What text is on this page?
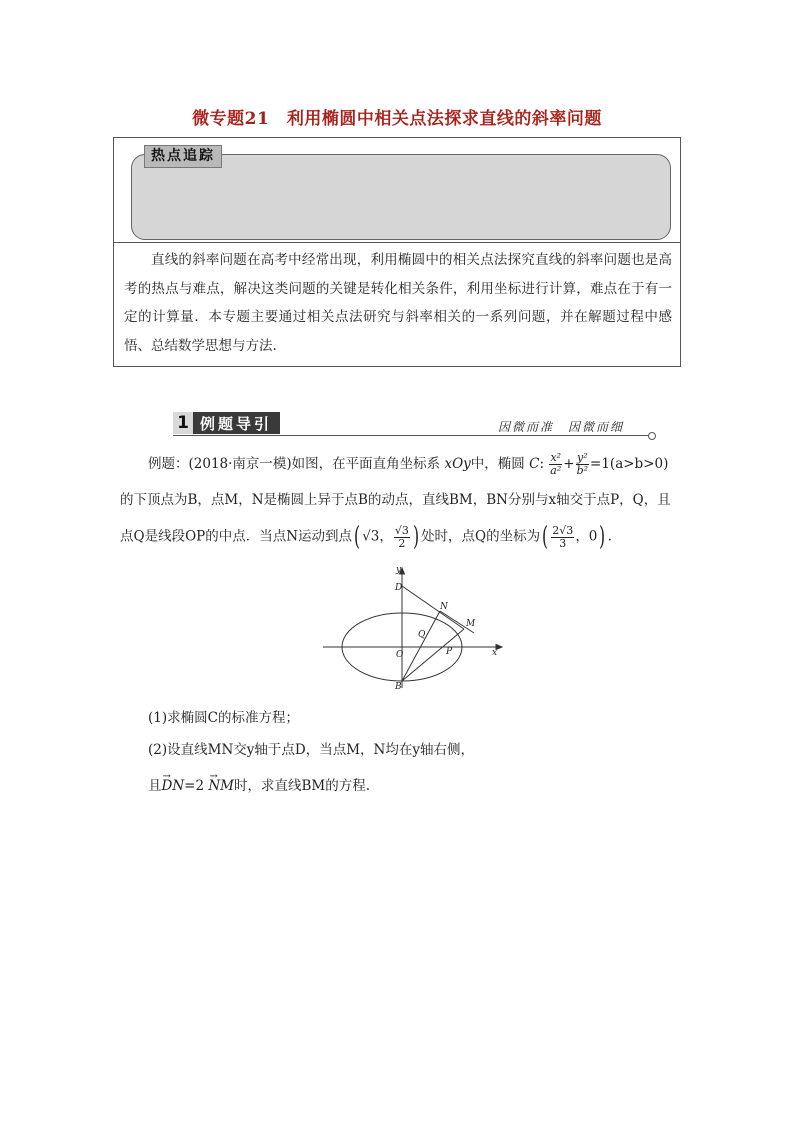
微专题21　利用椭圆中相关点法探求直线的斜率问题
热点追踪
直线的斜率问题在高考中经常出现，利用椭圆中的相关点法探究直线的斜率问题也是高考的热点与难点，解决这类问题的关键是转化相关条件，利用坐标进行计算，难点在于有一定的计算量．本专题主要通过相关点法研究与斜率相关的一系列问题，并在解题过程中感悟、总结数学思想与方法.
1 例题导引	因微而准　因微而细
例题：(2018·南京一模)如图，在平面直角坐标系 xOy中，椭圆 C: $\frac{\text{x²}}{\text{a²}} + \frac{\text{y²}}{\text{b²}} =1(a>b>0)$
的下顶点为B，点M，N是椭圆上异于点B的动点，直线BM，BN分别与x轴交于点P，Q，且
点Q是线段OP的中点．当点N运动到点( √3， $\frac{√3}{2}$ ) 处时，点Q的坐标为( $\frac{2√3}{3}$ ，0) .
y
x
D
N
M
Q
O	P
B
(1)求椭圆C的标准方程；
(2)设直线MN交y轴于点D，当点M，N均在y轴右侧，
且→ DN=2 → NM时，求直线BM的方程.
